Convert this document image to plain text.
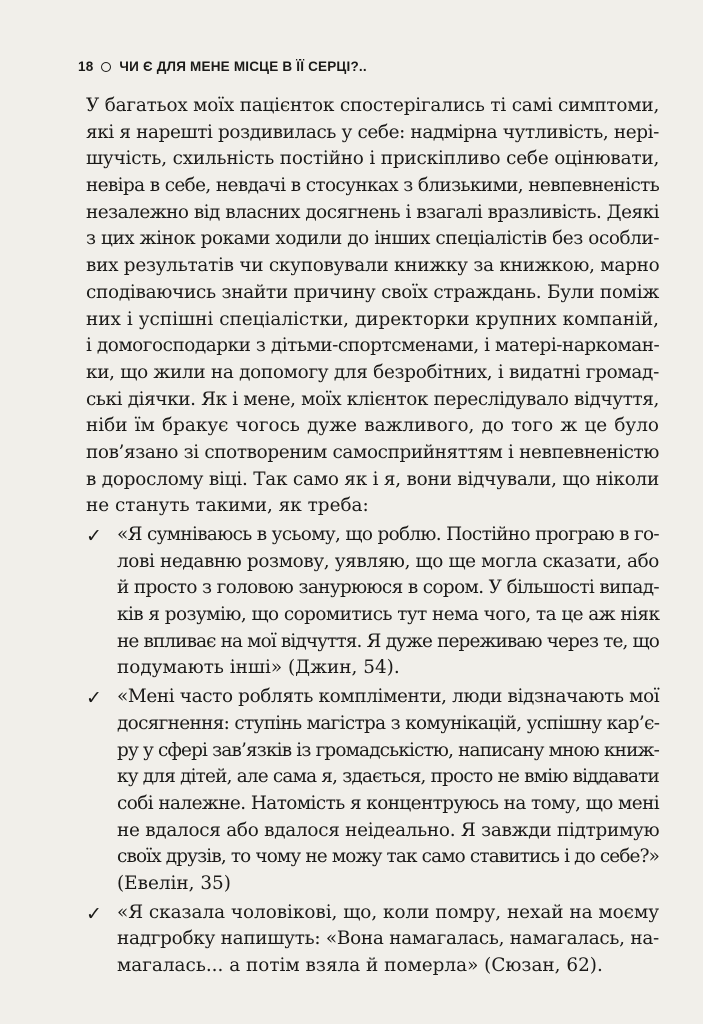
18 ЧИ Є ДЛЯ МЕНЕ МІСЦЕ В ЇЇ СЕРЦІ?..
У багатьох моїх пацієнток спостерігались ті самі симптоми,
які я нарешті роздивилась у себе: надмірна чутливість, нері-
шучість, схильність постійно і прискіпливо себе оцінювати,
невіра в себе, невдачі в стосунках з близькими, невпевненість
незалежно від власних досягнень і взагалі вразливість. Деякі
з цих жінок роками ходили до інших спеціалістів без особли-
вих результатів чи скуповували книжку за книжкою, марно
сподіваючись знайти причину своїх страждань. Були поміж
них і успішні спеціалістки, директорки крупних компаній,
і домогосподарки з дітьми-спортсменами, і матері-наркоман-
ки, що жили на допомогу для безробітних, і видатні громад-
ські діячки. Як і мене, моїх клієнток переслідувало відчуття,
ніби їм бракує чогось дуже важливого, до того ж це було
пов’язано зі спотвореним самосприйняттям і невпевненістю
в дорослому віці. Так само як і я, вони відчували, що ніколи
не стануть такими, як треба:
✓ «Я сумніваюсь в усьому, що роблю. Постійно програю в го-
лові недавню розмову, уявляю, що ще могла сказати, або
й просто з головою занурююся в сором. У більшості випад-
ків я розумію, що соромитись тут нема чого, та це аж ніяк
не впливає на мої відчуття. Я дуже переживаю через те, що
подумають інші» (Джин, 54).
✓ «Мені часто роблять компліменти, люди відзначають мої
досягнення: ступінь магістра з комунікацій, успішну кар’є-
ру у сфері зав’язків із громадськістю, написану мною книж-
ку для дітей, але сама я, здається, просто не вмію віддавати
собі належне. Натомість я концентруюсь на тому, що мені
не вдалося або вдалося неідеально. Я завжди підтримую
своїх друзів, то чому не можу так само ставитись і до себе?»
(Евелін, 35)
✓ «Я сказала чоловікові, що, коли помру, нехай на моєму
надгробку напишуть: «Вона намагалась, намагалась, на-
магалась... а потім взяла й померла» (Сюзан, 62).
